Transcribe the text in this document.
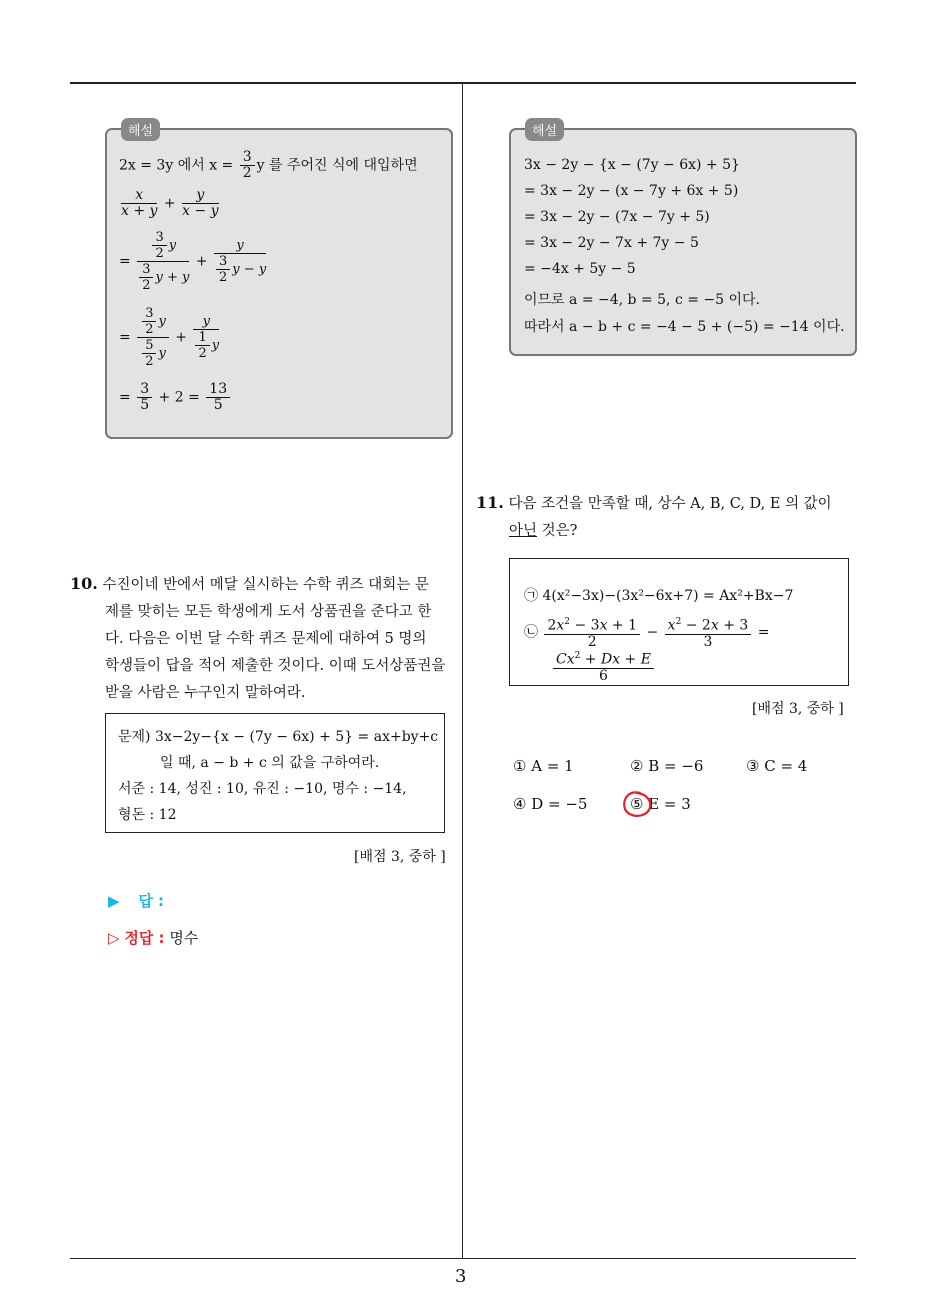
3
해설
2x = 3y 에서 $x = \frac{3}{2}$ y 를 주어진 식에 대입하면
$\frac{x}{x + y} + \frac{y}{x - y}$
= $\frac{\frac{3}{2} y}{\frac{3}{2} y + y} + \frac{y}{\frac{3}{2} y - y}$
= $\frac{\frac{3}{2} y}{\frac{5}{2} y} + \frac{y}{\frac{1}{2} y}$
= $\frac{3}{5} + 2 = \frac{13}{5}$
10. 수진이네 반에서 메달 실시하는 수학 퀴즈 대회는 문
제를 맞히는 모든 학생에게 도서 상품권을 준다고 한
다. 다음은 이번 달 수학 퀴즈 문제에 대하여 5 명의
학생들이 답을 적어 제출한 것이다. 이때 도서상품권을
받을 사람은 누구인지 말하여라.
문제) 3x−2y−{x − (7y − 6x) + 5} = ax+by+c
일 때, a − b + c 의 값을 구하여라.
서준 : 14, 성진 : 10, 유진 : −10, 명수 : −14,
형돈 : 12
[배점 3, 중하 ]
▶ 답 :
▷ 정답 : 명수
해설
3x − 2y − {x − (7y − 6x) + 5}
= 3x − 2y − (x − 7y + 6x + 5)
= 3x − 2y − (7x − 7y + 5)
= 3x − 2y − 7x + 7y − 5
= −4x + 5y − 5
이므로 a = −4, b = 5, c = −5 이다.
따라서 a − b + c = −4 − 5 + (−5) = −14 이다.
11. 다음 조건을 만족할 때, 상수 A, B, C, D, E 의 값이
아닌 것은?
㉠ 4(x²−3x)−(3x²−6x+7) = Ax²+Bx−7
㉡ $\frac{2x^2 - 3x + 1}{2} - \frac{x^2 - 2x + 3}{3}$ =
$\frac{Cx^2 + Dx + E}{6}$
[배점 3, 중하 ]
① A = 1	② B = −6	③ C = 4
④ D = −5	⑤ E = 3
